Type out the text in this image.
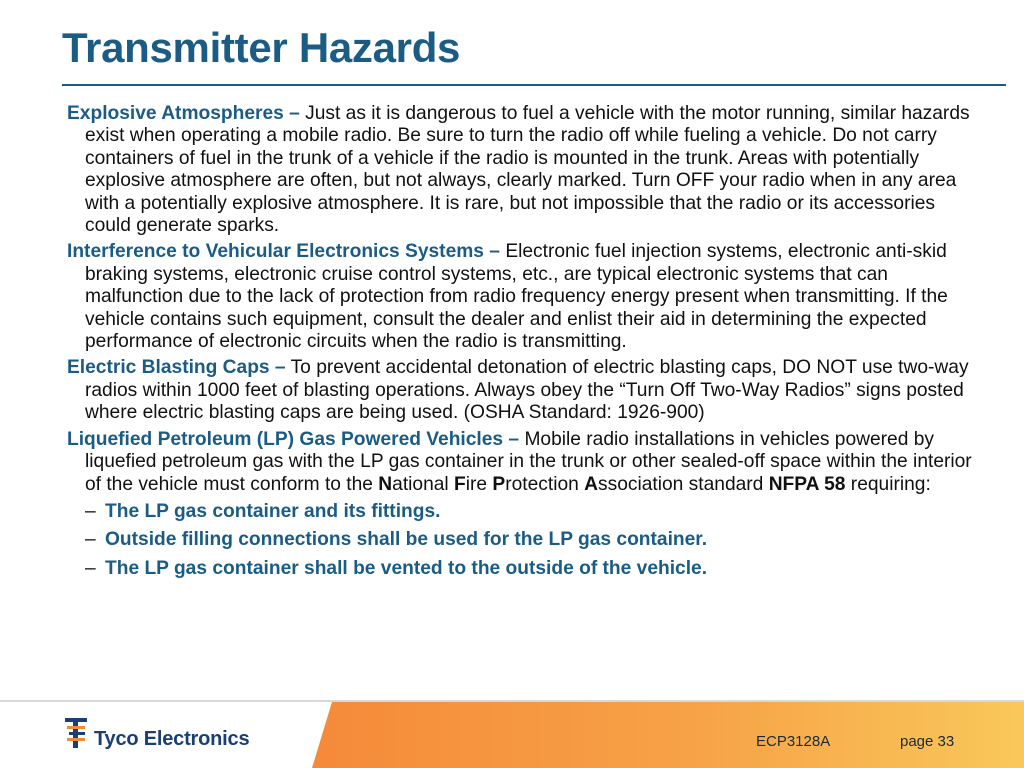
Transmitter Hazards

Explosive Atmospheres – Just as it is dangerous to fuel a vehicle with the motor running, similar hazards exist when operating a mobile radio. Be sure to turn the radio off while fueling a vehicle. Do not carry containers of fuel in the trunk of a vehicle if the radio is mounted in the trunk. Areas with potentially explosive atmosphere are often, but not always, clearly marked. Turn OFF your radio when in any area with a potentially explosive atmosphere. It is rare, but not impossible that the radio or its accessories could generate sparks.

Interference to Vehicular Electronics Systems – Electronic fuel injection systems, electronic anti-skid braking systems, electronic cruise control systems, etc., are typical electronic systems that can malfunction due to the lack of protection from radio frequency energy present when transmitting. If the vehicle contains such equipment, consult the dealer and enlist their aid in determining the expected performance of electronic circuits when the radio is transmitting.

Electric Blasting Caps – To prevent accidental detonation of electric blasting caps, DO NOT use two-way radios within 1000 feet of blasting operations. Always obey the “Turn Off Two-Way Radios” signs posted where electric blasting caps are being used. (OSHA Standard: 1926-900)

Liquefied Petroleum (LP) Gas Powered Vehicles – Mobile radio installations in vehicles powered by liquefied petroleum gas with the LP gas container in the trunk or other sealed-off space within the interior of the vehicle must conform to the National Fire Protection Association standard NFPA 58 requiring:

– The LP gas container and its fittings.
– Outside filling connections shall be used for the LP gas container.
– The LP gas container shall be vented to the outside of the vehicle.
Tyco Electronics	ECP3128A	page 33
